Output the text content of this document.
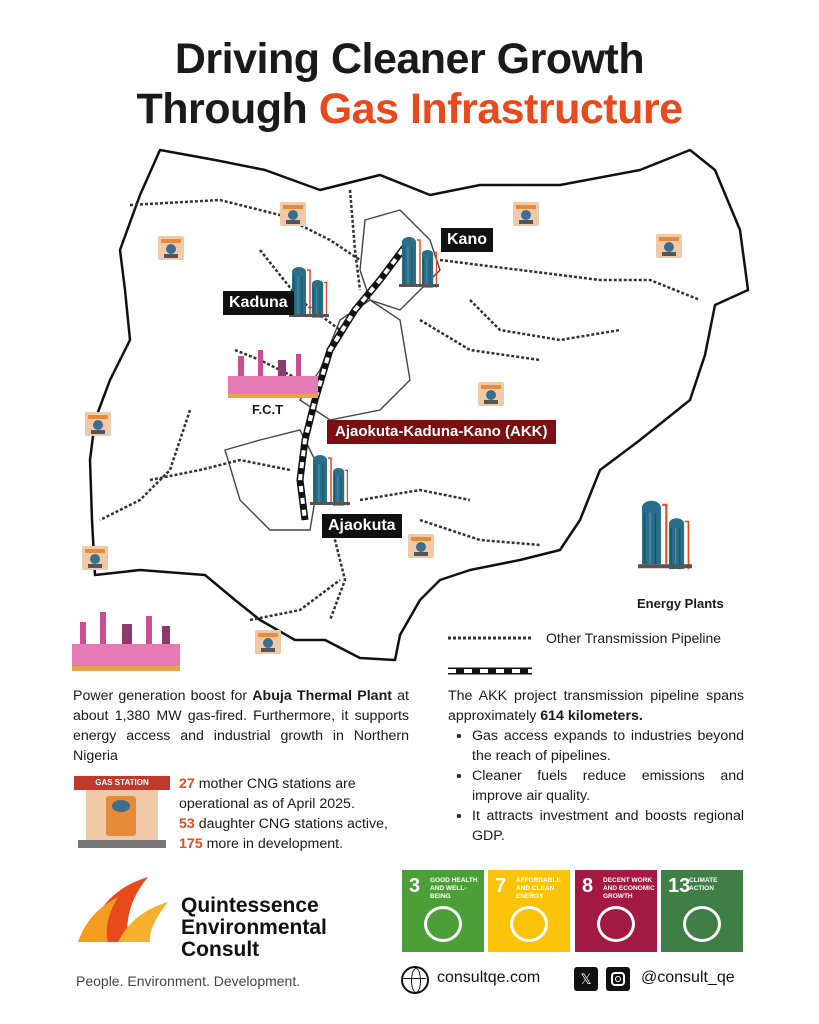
Driving Cleaner Growth
Through Gas Infrastructure
Kano
Kaduna
F.C.T
Ajaokuta-Kaduna-Kano (AKK)
Ajaokuta
Energy Plants
Other Transmission Pipeline
Power generation boost for Abuja Thermal Plant at about 1,380 MW gas-fired. Furthermore, it supports energy access and industrial growth in Northern Nigeria
GAS STATION	27 mother CNG stations are operational as of April 2025.
53 daughter CNG stations active,
175 more in development.
The AKK project transmission pipeline spans approximately 614 kilometers.
• Gas access expands to industries beyond the reach of pipelines.
• Cleaner fuels reduce emissions and improve air quality.
• It attracts investment and boosts regional GDP.
Quintessence
Environmental
Consult
People. Environment. Development.
3 GOOD HEALTH AND WELL-BEING	7 AFFORDABLE AND CLEAN ENERGY	8 DECENT WORK AND ECONOMIC GROWTH	13
CLIMATE ACTION
consultqe.com	𝕏	@consult_qe
